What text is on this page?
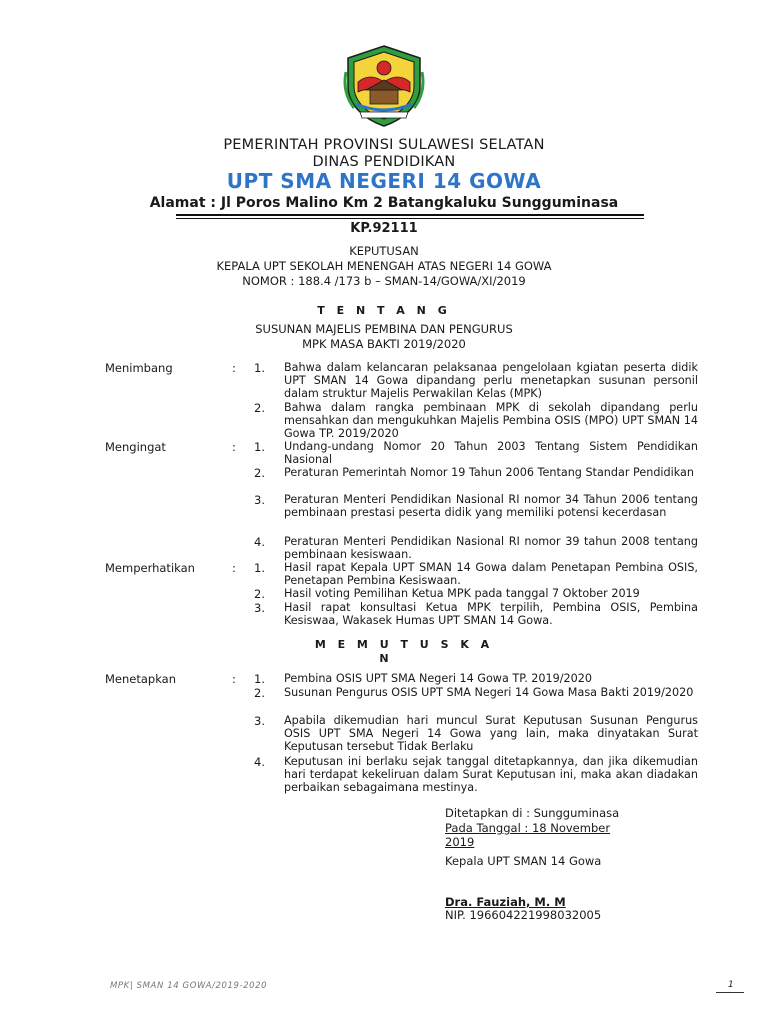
PEMERINTAH PROVINSI SULAWESI SELATAN
DINAS PENDIDIKAN
UPT SMA NEGERI 14 GOWA
Alamat : Jl Poros Malino Km 2 Batangkaluku Sungguminasa
KP.92111
KEPUTUSAN
KEPALA UPT SEKOLAH MENENGAH ATAS NEGERI 14 GOWA
NOMOR : 188.4 /173 b – SMAN-14/GOWA/XI/2019
T E N T A N G
SUSUNAN MAJELIS PEMBINA DAN PENGURUS
MPK MASA BAKTI 2019/2020
Menimbang	: 1. Bahwa dalam kelancaran pelaksanaa pengelolaan kgiatan peserta didik UPT SMAN 14 Gowa dipandang perlu menetapkan susunan personil dalam struktur Majelis Perwakilan Kelas (MPK)
2. Bahwa dalam rangka pembinaan MPK di sekolah dipandang perlu mensahkan dan mengukuhkan Majelis Pembina OSIS (MPO) UPT SMAN 14 Gowa TP. 2019/2020
Mengingat	: 1. Undang-undang Nomor 20 Tahun 2003 Tentang Sistem Pendidikan Nasional
2. Peraturan Pemerintah Nomor 19 Tahun 2006 Tentang Standar Pendidikan
3. Peraturan Menteri Pendidikan Nasional RI nomor 34 Tahun 2006 tentang pembinaan prestasi peserta didik yang memiliki potensi kecerdasan
4. Peraturan Menteri Pendidikan Nasional RI nomor 39 tahun 2008 tentang pembinaan kesiswaan.
Memperhatikan	: 1. Hasil rapat Kepala UPT SMAN 14 Gowa dalam Penetapan Pembina OSIS, Penetapan Pembina Kesiswaan.
2. Hasil voting Pemilihan Ketua MPK pada tanggal 7 Oktober 2019
3. Hasil rapat konsultasi Ketua MPK terpilih, Pembina OSIS, Pembina Kesiswaa, Wakasek Humas UPT SMAN 14 Gowa.
M E M U T U S K A
N
Menetapkan	: 1. Pembina OSIS UPT SMA Negeri 14 Gowa TP. 2019/2020
2. Susunan Pengurus OSIS UPT SMA Negeri 14 Gowa Masa Bakti 2019/2020
3. Apabila dikemudian hari muncul Surat Keputusan Susunan Pengurus OSIS UPT SMA Negeri 14 Gowa yang lain, maka dinyatakan Surat Keputusan tersebut Tidak Berlaku
4. Keputusan ini berlaku sejak tanggal ditetapkannya, dan jika dikemudian hari terdapat kekeliruan dalam Surat Keputusan ini, maka akan diadakan perbaikan sebagaimana mestinya.
Ditetapkan di : Sungguminasa
Pada Tanggal : 18 November
2019
Kepala UPT SMAN 14 Gowa
Dra. Fauziah, M. M
NIP. 196604221998032005
MPK| SMAN 14 GOWA/2019-2020	1
